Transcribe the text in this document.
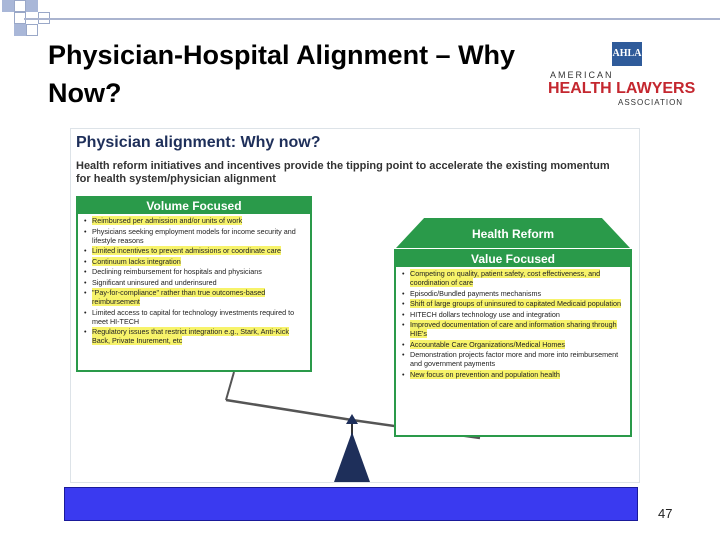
Physician-Hospital Alignment – Why Now?
AHLA
AMERICAN
HEALTH LAWYERS
ASSOCIATION
Physician alignment: Why now?
Health reform initiatives and incentives provide the tipping point to accelerate the existing momentum for health system/physician alignment
Volume Focused
• Reimbursed per admission and/or units of work
• Physicians seeking employment models for income security and lifestyle reasons
• Limited incentives to prevent admissions or coordinate care
• Continuum lacks integration
• Declining reimbursement for hospitals and physicians
• Significant uninsured and underinsured
• "Pay-for-compliance" rather than true outcomes-based reimbursement
• Limited access to capital for technology investments required to meet HI-TECH
• Regulatory issues that restrict integration e.g., Stark, Anti-Kick Back, Private Inurement, etc
Health Reform
Value Focused
• Competing on quality, patient safety, cost effectiveness, and coordination of care
• Episodic/Bundled payments mechanisms
• Shift of large groups of uninsured to capitated Medicaid population
• HITECH dollars technology use and integration
• Improved documentation of care and information sharing through HIE's
• Accountable Care Organizations/Medical Homes
• Demonstration projects factor more and more into reimbursement and government payments
• New focus on prevention and population health
47
